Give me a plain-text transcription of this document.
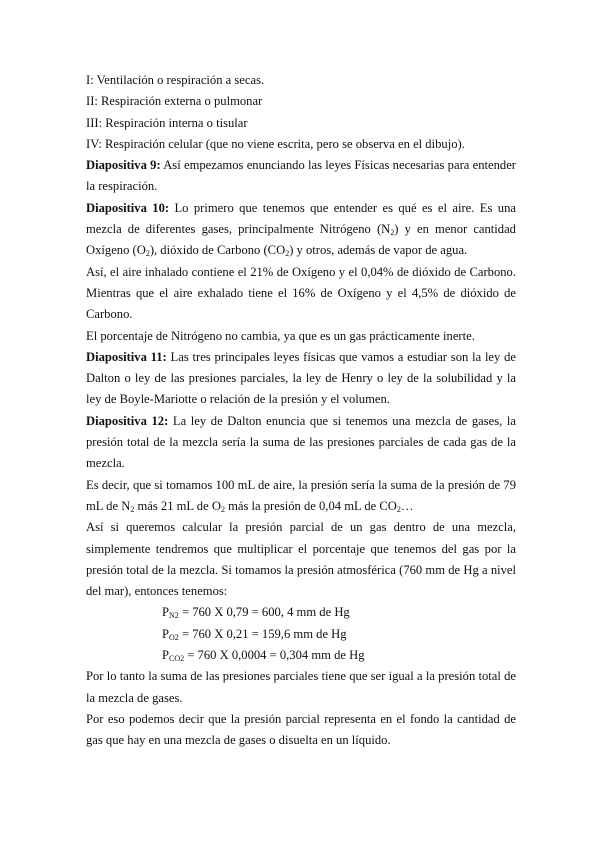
I: Ventilación o respiración a secas.

II: Respiración externa o pulmonar

III: Respiración interna o tisular

IV: Respiración celular (que no viene escrita, pero se observa en el dibujo).

Diapositiva 9: Así empezamos enunciando las leyes Físicas necesarias para entender la respiración.

Diapositiva 10: Lo primero que tenemos que entender es qué es el aire. Es una mezcla de diferentes gases, principalmente Nitrógeno $(N_2)$ y en menor cantidad Oxígeno $(O_2)$, dióxido de Carbono $(CO_2)$ y otros, además de vapor de agua.

Así, el aire inhalado contiene el 21% de Oxígeno y el 0,04% de dióxido de Carbono. Mientras que el aire exhalado tiene el 16% de Oxígeno y el 4,5% de dióxido de Carbono.

El porcentaje de Nitrógeno no cambia, ya que es un gas prácticamente inerte.

Diapositiva 11: Las tres principales leyes físicas que vamos a estudiar son la ley de Dalton o ley de las presiones parciales, la ley de Henry o ley de la solubilidad y la ley de Boyle-Mariotte o relación de la presión y el volumen.

Diapositiva 12: La ley de Dalton enuncia que si tenemos una mezcla de gases, la presión total de la mezcla sería la suma de las presiones parciales de cada gas de la mezcla.

Es decir, que si tomamos 100 mL de aire, la presión sería la suma de la presión de 79 mL de $N_2$ más 21 mL de $O_2$ más la presión de 0,04 mL de $CO_2\dots$

Así si queremos calcular la presión parcial de un gas dentro de una mezcla, simplemente tendremos que multiplicar el porcentaje que tenemos del gas por la presión total de la mezcla. Si tomamos la presión atmosférica (760 mm de Hg a nivel del mar), entonces tenemos:

$P_{N2} = 760$ X 0,79 = 600, 4 mm de Hg

$P_{O2} = 760$ X 0,21 = 159,6 mm de Hg

$P_{CO2} = 760$ X 0,0004 = 0,304 mm de Hg

Por lo tanto la suma de las presiones parciales tiene que ser igual a la presión total de la mezcla de gases.

Por eso podemos decir que la presión parcial representa en el fondo la cantidad de gas que hay en una mezcla de gases o disuelta en un líquido.
